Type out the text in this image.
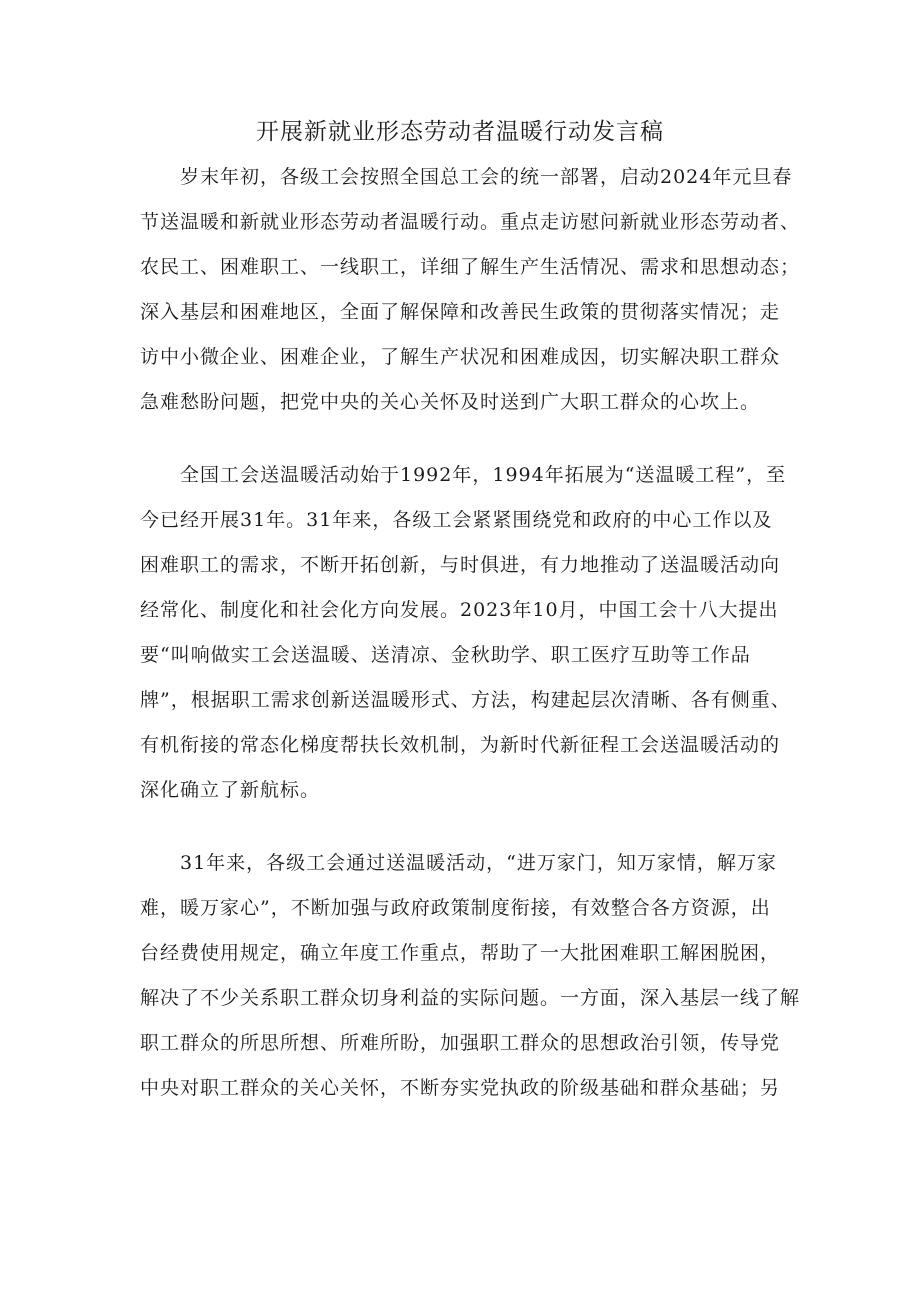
开展新就业形态劳动者温暖行动发言稿
　　岁末年初，各级工会按照全国总工会的统一部署，启动2024年元旦春
节送温暖和新就业形态劳动者温暖行动。重点走访慰问新就业形态劳动者、
农民工、困难职工、一线职工，详细了解生产生活情况、需求和思想动态；
深入基层和困难地区，全面了解保障和改善民生政策的贯彻落实情况；走
访中小微企业、困难企业，了解生产状况和困难成因，切实解决职工群众
急难愁盼问题，把党中央的关心关怀及时送到广大职工群众的心坎上。
　　全国工会送温暖活动始于1992年，1994年拓展为“送温暖工程”，至
今已经开展31年。31年来，各级工会紧紧围绕党和政府的中心工作以及
困难职工的需求，不断开拓创新，与时俱进，有力地推动了送温暖活动向
经常化、制度化和社会化方向发展。2023年10月，中国工会十八大提出
要“叫响做实工会送温暖、送清凉、金秋助学、职工医疗互助等工作品
牌”，根据职工需求创新送温暖形式、方法，构建起层次清晰、各有侧重、
有机衔接的常态化梯度帮扶长效机制，为新时代新征程工会送温暖活动的
深化确立了新航标。
　　31年来，各级工会通过送温暖活动，“进万家门，知万家情，解万家
难，暖万家心”，不断加强与政府政策制度衔接，有效整合各方资源，出
台经费使用规定，确立年度工作重点，帮助了一大批困难职工解困脱困，
解决了不少关系职工群众切身利益的实际问题。一方面，深入基层一线了解
职工群众的所思所想、所难所盼，加强职工群众的思想政治引领，传导党
中央对职工群众的关心关怀，不断夯实党执政的阶级基础和群众基础；另
